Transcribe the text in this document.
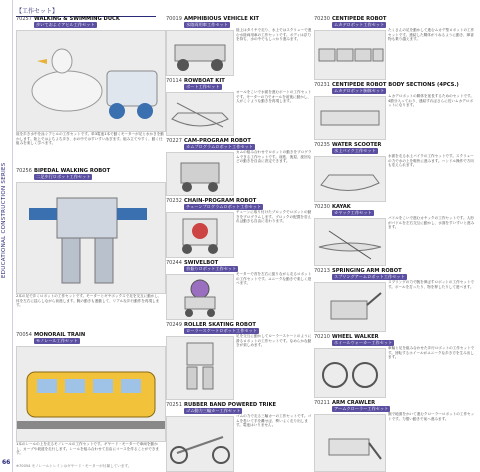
EDUCATIONAL CONSTRUCTION SERIES
66
【工作セット】
70257 WALKING & SWIMMING DUCK
歩いておよぐアヒル工作セット
陸を歩き水中を泳ぐアヒルの工作セットです。単3電池1本で動くモーターが足と水かきを動かします。陸上ではよちよち歩き、水の中ではすいすい泳ぎます。組み立てやすく、動く仕組みを楽しく学べます。
70256 BIPEDAL WALKING ROBOT
二足歩行ロボット工作セット
2本の足で歩くロボットの工作セットです。モーターとギヤボックスで足を交互に動かし、体を左右に揺らしながら前進します。腕の動きも連動して、リアルな歩行動作を再現します。
70054 MONORAIL TRAIN
モノレール工作セット
1本のレールの上を走るモノレールの工作セットです。ギヤード・モーターで車両を動かし、カーブや坂道を走行します。レールを組み合わせて自由にコースを作ることができます。
※70054 モノレールトレインはギヤード・モーターが付属しています。
70019 AMPHIBIOUS VEHICLE KIT
水陸両用車工作セット
陸上はタイヤで走り、水上ではスクリューで進む水陸両用車の工作セットです。ボディは浮力を持ち、水の中でもしっかり進みます。
70114 ROWBOAT KIT
ボート工作セット
オールをこいで水面を進むボートの工作セットです。モーターの力でオールを前後に動かし、人がこぐような動きを再現します。
70227 CAM-PROGRAM ROBOT
カムプログラムロボット工作セット
カムの組み合わせでロボットの動きをプログラムできる工作セットです。前進、後退、旋回などの動きを自由に設定できます。
70232 CHAIN-PROGRAM ROBOT
チェーンプログラムロボット工作セット
チェーンに取り付けたブロックでロボットの動きをプログラムします。ブロックの配置を変えれば動きも自由に変わります。
70244 SWIVELBOT
首振りロボット工作セット
モーターで首を左右に振りながら走るロボットの工作セットです。ユニークな動きで楽しく遊べます。
70249 ROLLER SKATING ROBOT
ローラースケートロボット工作セット
足を交互に動かしてローラースケートのように滑るロボットの工作セットです。なめらかな動きが楽しめます。
70251 RUBBER BAND POWERED TRIKE
ゴム動力三輪カー工作セット
ゴムの力で走る三輪カーの工作セットです。ゴムを巻いて手を離せば、勢いよく走り出します。電池はいりません。
70230 CENTIPEDE ROBOT
ムカデロボット工作セット
たくさんの足を動かして進むムカデ型ロボットの工作セットです。連結した胴体がうねるように動き、障害物も乗り越えます。
70231 CENTIPEDE ROBOT BODY SECTIONS (4PCS.)
ムカデロボット胴体セット
ムカデロボットの胴体を延長するためのセットです。4節分入っており、連結すればさらに長いムカデロボットになります。
70235 WATER SCOOTER
水上バイク工作セット
水面を走る水上バイクの工作セットです。スクリューの力で水の上を軽快に進みます。ハンドル操作で方向も変えられます。
70230 KAYAK
カヤック工作セット
パドルをこいで進むカヤックの工作セットです。人形がパドルを左右交互に動かし、水面をすいすいと進みます。
70213 SPRINGING ARM ROBOT
スプリングアームロボット工作セット
スプリングの力で腕を伸ばすロボットの工作セットです。ボールを打ったり、物を押したりして遊べます。
70210 WHEEL WALKER
ホイールウォーカー工作セット
車輪と足を組み合わせた歩行ロボットの工作セットです。回転するホイールがユニークな歩き方を生み出します。
70211 ARM CRAWLER
アームクローラー工作セット
腕で地面をかいて進むクローラーロボットの工作セットです。力強い動きで前へ進みます。
